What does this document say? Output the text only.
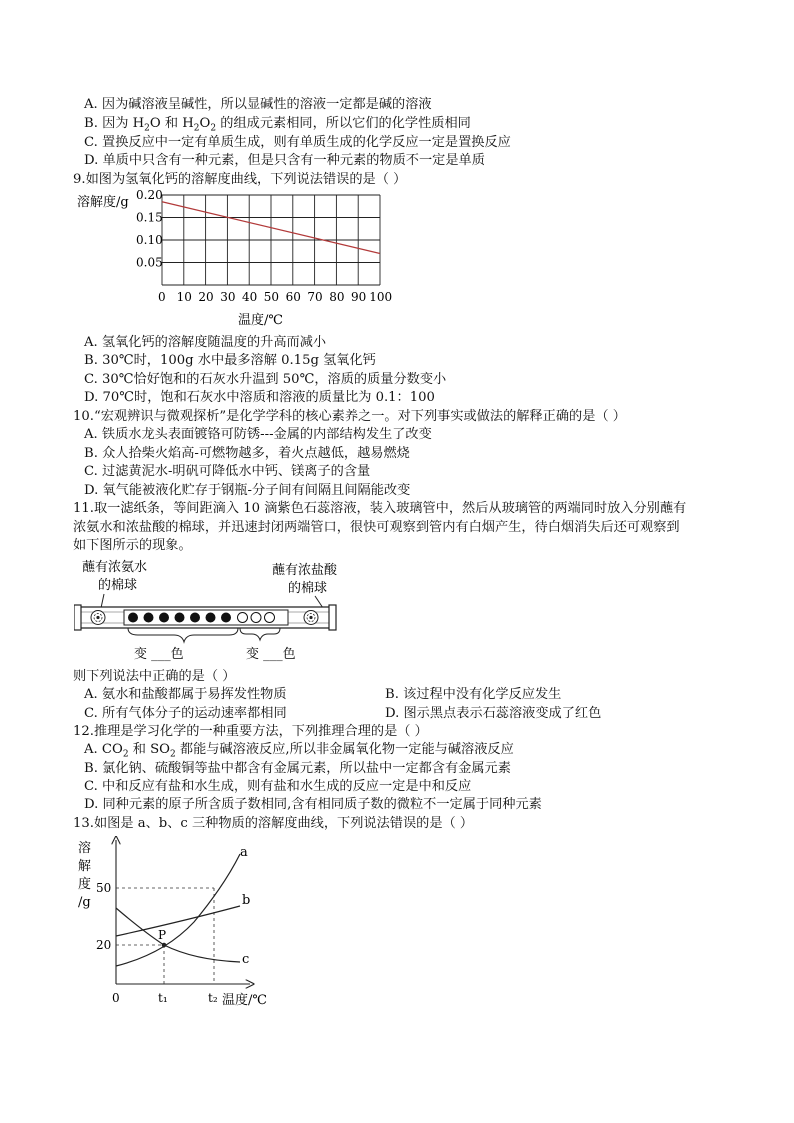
A. 因为碱溶液呈碱性，所以显碱性的溶液一定都是碱的溶液
B. 因为 $H_2O$ 和 $H_2O_2$ 的组成元素相同，所以它们的化学性质相同
C. 置换反应中一定有单质生成，则有单质生成的化学反应一定是置换反应
D. 单质中只含有一种元素，但是只含有一种元素的物质不一定是单质
9.如图为氢氧化钙的溶解度曲线，下列说法错误的是（ ）
溶解度/g
0 10 20 30 40 50 60 70 80 90 100
0.05
0.10
0.15
0.20
温度/℃
A. 氢氧化钙的溶解度随温度的升高而减小
B. 30℃时，100g 水中最多溶解 0.15g 氢氧化钙
C. 30℃恰好饱和的石灰水升温到 50℃，溶质的质量分数变小
D. 70℃时，饱和石灰水中溶质和溶液的质量比为 0.1：100
10.“宏观辨识与微观探析”是化学学科的核心素养之一。对下列事实或做法的解释正确的是（ ）
A. 铁质水龙头表面镀铬可防锈---金属的内部结构发生了改变
B. 众人拾柴火焰高-可燃物越多，着火点越低，越易燃烧
C. 过滤黄泥水-明矾可降低水中钙、镁离子的含量
D. 氧气能被液化贮存于钢瓶-分子间有间隔且间隔能改变
11.取一滤纸条，等间距滴入 10 滴紫色石蕊溶液，装入玻璃管中，然后从玻璃管的两端同时放入分别蘸有
浓氨水和浓盐酸的棉球，并迅速封闭两端管口，很快可观察到管内有白烟产生，待白烟消失后还可观察到
如下图所示的现象。
蘸有浓氨水
的棉球
蘸有浓盐酸
的棉球
变 ___色	变 ___色
则下列说法中正确的是（ ）
A. 氨水和盐酸都属于易挥发性物质	B. 该过程中没有化学反应发生
C. 所有气体分子的运动速率都相同	D. 图示黑点表示石蕊溶液变成了红色
12.推理是学习化学的一种重要方法，下列推理合理的是（ ）
A. $CO_2$ 和 $SO_2$ 都能与碱溶液反应,所以非金属氧化物一定能与碱溶液反应
B. 氯化钠、硫酸铜等盐中都含有金属元素，所以盐中一定都含有金属元素
C. 中和反应有盐和水生成，则有盐和水生成的反应一定是中和反应
D. 同种元素的原子所含质子数相同,含有相同质子数的微粒不一定属于同种元素
13.如图是 a、b、c 三种物质的溶解度曲线，下列说法错误的是（ ）
溶
解
度
/g
50
20
P
a
b
c
0	t₁	t₂ 温度/℃
